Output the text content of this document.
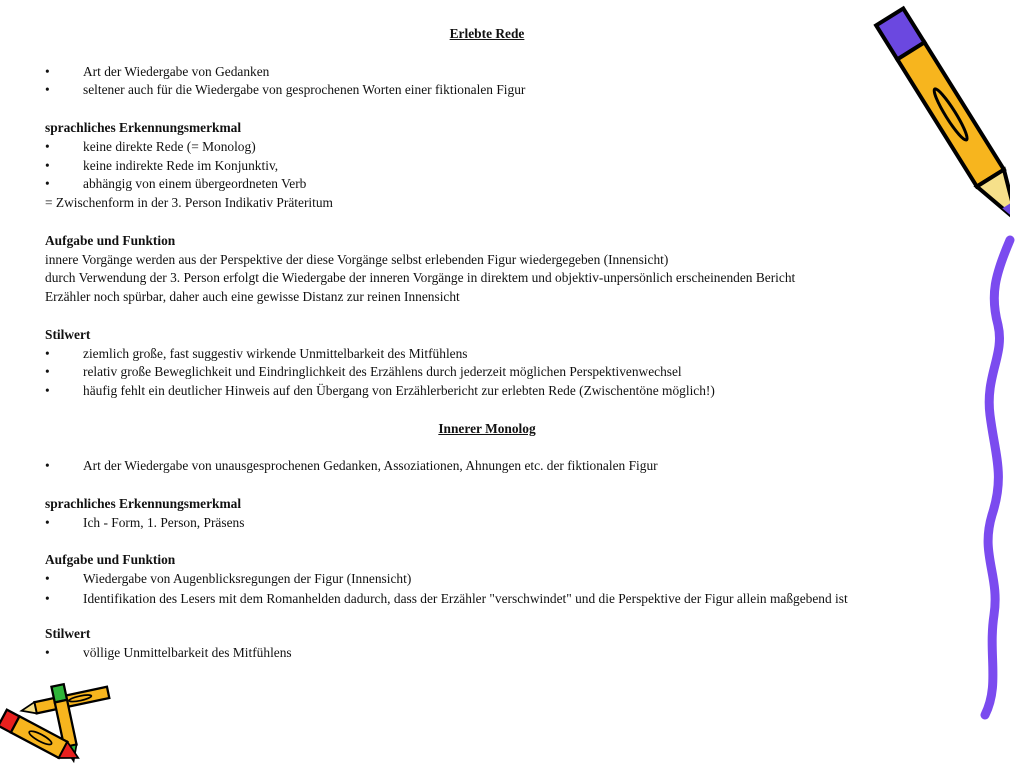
Erlebte Rede
• Art der Wiedergabe von Gedanken
• seltener auch für die Wiedergabe von gesprochenen Worten einer fiktionalen Figur
sprachliches Erkennungsmerkmal
• keine direkte Rede (= Monolog)
• keine indirekte Rede im Konjunktiv,
• abhängig von einem übergeordneten Verb
= Zwischenform in der 3. Person Indikativ Präteritum
Aufgabe und Funktion
innere Vorgänge werden aus der Perspektive der diese Vorgänge selbst erlebenden Figur wiedergegeben (Innensicht)
durch Verwendung der 3. Person erfolgt die Wiedergabe der inneren Vorgänge in direktem und objektiv-unpersönlich erscheinenden Bericht
Erzähler noch spürbar, daher auch eine gewisse Distanz zur reinen Innensicht
Stilwert
• ziemlich große, fast suggestiv wirkende Unmittelbarkeit des Mitfühlens
• relativ große Beweglichkeit und Eindringlichkeit des Erzählens durch jederzeit möglichen Perspektivenwechsel
• häufig fehlt ein deutlicher Hinweis auf den Übergang von Erzählerbericht zur erlebten Rede (Zwischentöne möglich!)
Innerer Monolog
• Art der Wiedergabe von unausgesprochenen Gedanken, Assoziationen, Ahnungen etc. der fiktionalen Figur
sprachliches Erkennungsmerkmal
• Ich - Form, 1. Person, Präsens
Aufgabe und Funktion
• Wiedergabe von Augenblicksregungen der Figur (Innensicht)
• Identifikation des Lesers mit dem Romanhelden dadurch, dass der Erzähler "verschwindet" und die Perspektive der Figur allein maßgebend ist
Stilwert
• völlige Unmittelbarkeit des Mitfühlens
